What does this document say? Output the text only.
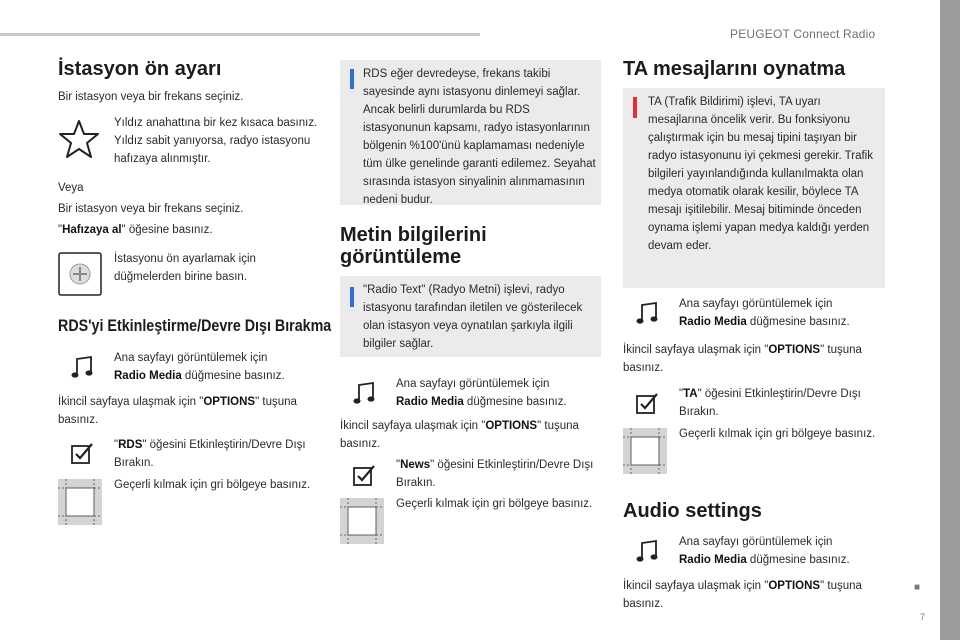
PEUGEOT Connect Radio
■
7
İstasyon ön ayarı
Bir istasyon veya bir frekans seçiniz.
Yıldız anahattına bir kez kısaca basınız. Yıldız sabit yanıyorsa, radyo istasyonu hafızaya alınmıştır.
Veya
Bir istasyon veya bir frekans seçiniz.
"Hafızaya al" öğesine basınız.
İstasyonu ön ayarlamak için düğmelerden birine basın.
RDS'yi Etkinleştirme/Devre Dışı Bırakma
Ana sayfayı görüntülemek için
Radio Media düğmesine basınız.
İkincil sayfaya ulaşmak için "OPTIONS" tuşuna basınız.
"RDS" öğesini Etkinleştirin/Devre Dışı Bırakın.
Geçerli kılmak için gri bölgeye basınız.
RDS eğer devredeyse, frekans takibi sayesinde aynı istasyonu dinlemeyi sağlar. Ancak belirli durumlarda bu RDS istasyonunun kapsamı, radyo istasyonlarının bölgenin %100'ünü kaplamaması nedeniyle tüm ülke genelinde garanti edilemez. Seyahat sırasında istasyon sinyalinin alınmamasının nedeni budur.
Metin bilgilerini görüntüleme
"Radio Text" (Radyo Metni) işlevi, radyo istasyonu tarafından iletilen ve gösterilecek olan istasyon veya oynatılan şarkıyla ilgili bilgiler sağlar.
Ana sayfayı görüntülemek için
Radio Media düğmesine basınız.
İkincil sayfaya ulaşmak için "OPTIONS" tuşuna basınız.
"News" öğesini Etkinleştirin/Devre Dışı Bırakın.
Geçerli kılmak için gri bölgeye basınız.
TA mesajlarını oynatma
TA (Trafik Bildirimi) işlevi, TA uyarı mesajlarına öncelik verir. Bu fonksiyonu çalıştırmak için bu mesaj tipini taşıyan bir radyo istasyonunu iyi çekmesi gerekir. Trafik bilgileri yayınlandığında kullanılmakta olan medya otomatik olarak kesilir, böylece TA mesajı işitilebilir. Mesaj bitiminde önceden oynama işlemi yapan medya kaldığı yerden devam eder.
Ana sayfayı görüntülemek için
Radio Media düğmesine basınız.
İkincil sayfaya ulaşmak için "OPTIONS" tuşuna basınız.
"TA" öğesini Etkinleştirin/Devre Dışı Bırakın.
Geçerli kılmak için gri bölgeye basınız.
Audio settings
Ana sayfayı görüntülemek için
Radio Media düğmesine basınız.
İkincil sayfaya ulaşmak için "OPTIONS" tuşuna basınız.
